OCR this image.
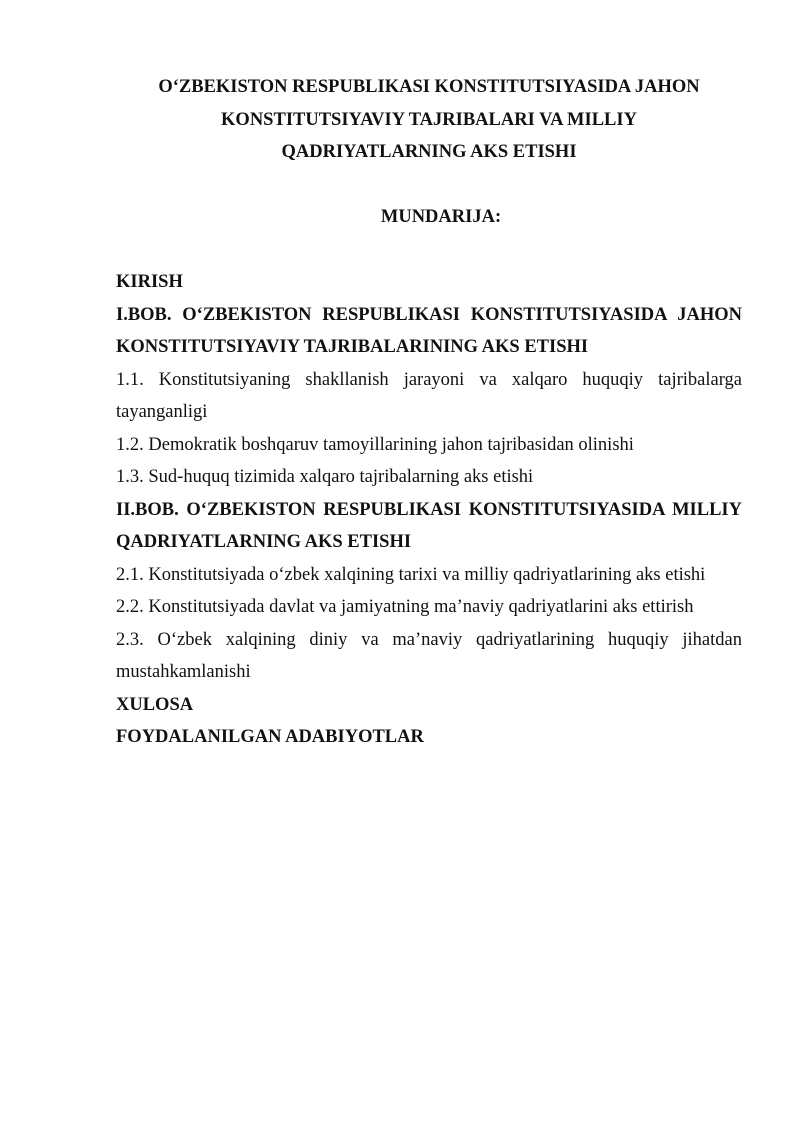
O‘ZBEKISTON RESPUBLIKASI KONSTITUTSIYASIDA JAHON

KONSTITUTSIYAVIY TAJRIBALARI VA MILLIY

QADRIYATLARNING AKS ETISHI

MUNDARIJA:

KIRISH

I.BOB. O‘ZBEKISTON RESPUBLIKASI KONSTITUTSIYASIDA JAHON

KONSTITUTSIYAVIY TAJRIBALARINING AKS ETISHI

1.1. Konstitutsiyaning shakllanish jarayoni va xalqaro huquqiy tajribalarga

tayanganligi

1.2. Demokratik boshqaruv tamoyillarining jahon tajribasidan olinishi

1.3. Sud-huquq tizimida xalqaro tajribalarning aks etishi

II.BOB. O‘ZBEKISTON RESPUBLIKASI KONSTITUTSIYASIDA MILLIY

QADRIYATLARNING AKS ETISHI

2.1. Konstitutsiyada o‘zbek xalqining tarixi va milliy qadriyatlarining aks etishi

2.2. Konstitutsiyada davlat va jamiyatning ma’naviy qadriyatlarini aks ettirish

2.3. O‘zbek xalqining diniy va ma’naviy qadriyatlarining huquqiy jihatdan

mustahkamlanishi

XULOSA

FOYDALANILGAN ADABIYOTLAR
